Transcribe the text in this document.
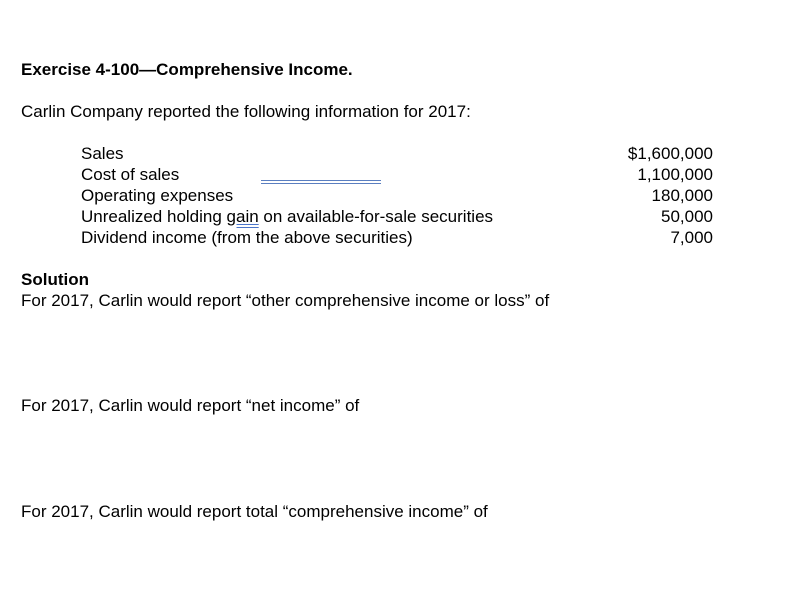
Exercise 4-100—Comprehensive Income.
Carlin Company reported the following information for 2017:
Sales	$1,600,000
Cost of sales	1,100,000
Operating expenses	180,000
Unrealized holding gain on available-for-sale securities	50,000
Dividend income (from the above securities)	7,000
Solution
For 2017, Carlin would report “other comprehensive income or loss” of
For 2017, Carlin would report “net income” of
For 2017, Carlin would report total “comprehensive income” of
